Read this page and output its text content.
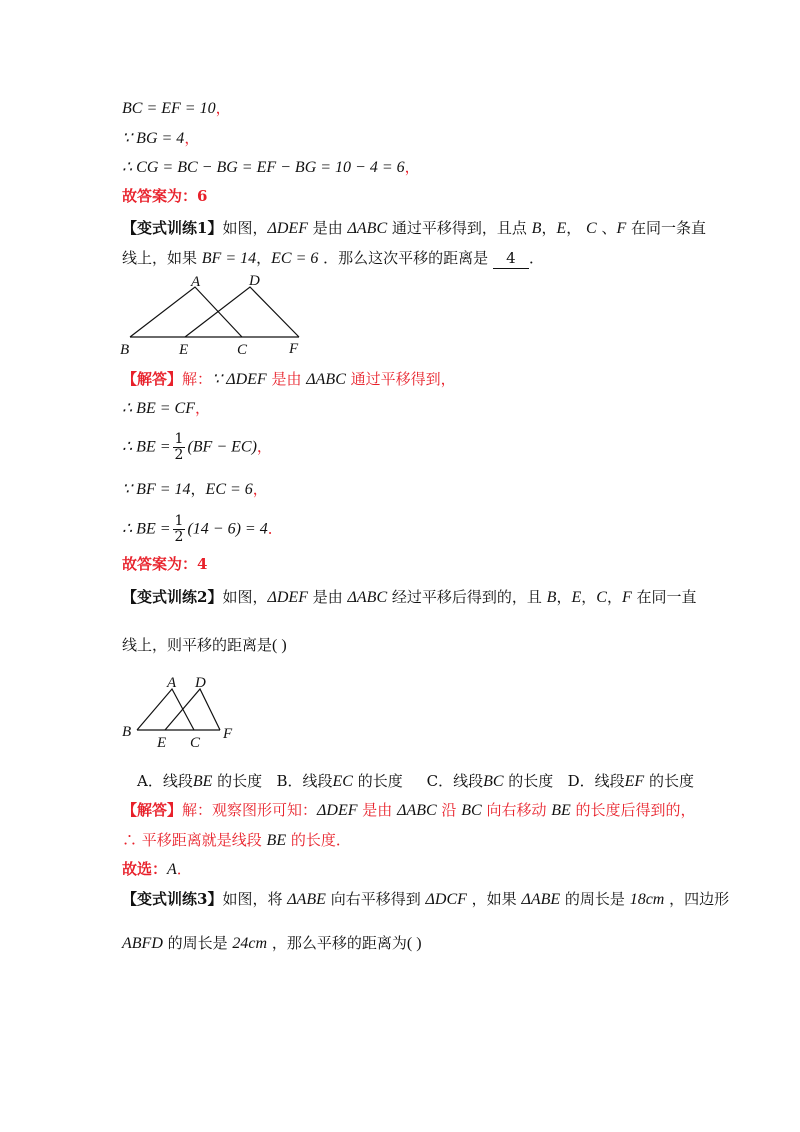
BC = EF = 10，
∵ BG = 4，
∴ CG = BC − BG = EF − BG = 10 − 4 = 6，
故答案为：6
【变式训练1】如图，ΔDEF 是由 ΔABC 通过平移得到，且点 B，E， C 、F 在同一条直
线上，如果 BF = 14，EC = 6 ．那么这次平移的距离是 4 ．
A	D
B	E	C	F
【解答】解：∵ ΔDEF 是由 ΔABC 通过平移得到，
∴ BE = CF，
∴ BE = $\frac{1}{2} (BF - EC)$，
∵ BF = 14，EC = 6，
∴ BE = $\frac{1}{2} (14 - 6) = 4$．
故答案为：4
【变式训练2】如图，ΔDEF 是由 ΔABC 经过平移后得到的，且 B，E，C，F 在同一直
线上，则平移的距离是( )
A D
B
E C
F
A．线段BE 的长度 B．线段EC 的长度 C．线段BC 的长度 D．线段EF 的长度
【解答】解：观察图形可知：ΔDEF 是由 ΔABC 沿 BC 向右移动 BE 的长度后得到的，
∴ 平移距离就是线段 BE 的长度．
故选：A．
【变式训练3】如图，将 ΔABE 向右平移得到 ΔDCF ，如果 ΔABE 的周长是 18cm ，四边形
ABFD 的周长是 24cm ，那么平移的距离为( )
